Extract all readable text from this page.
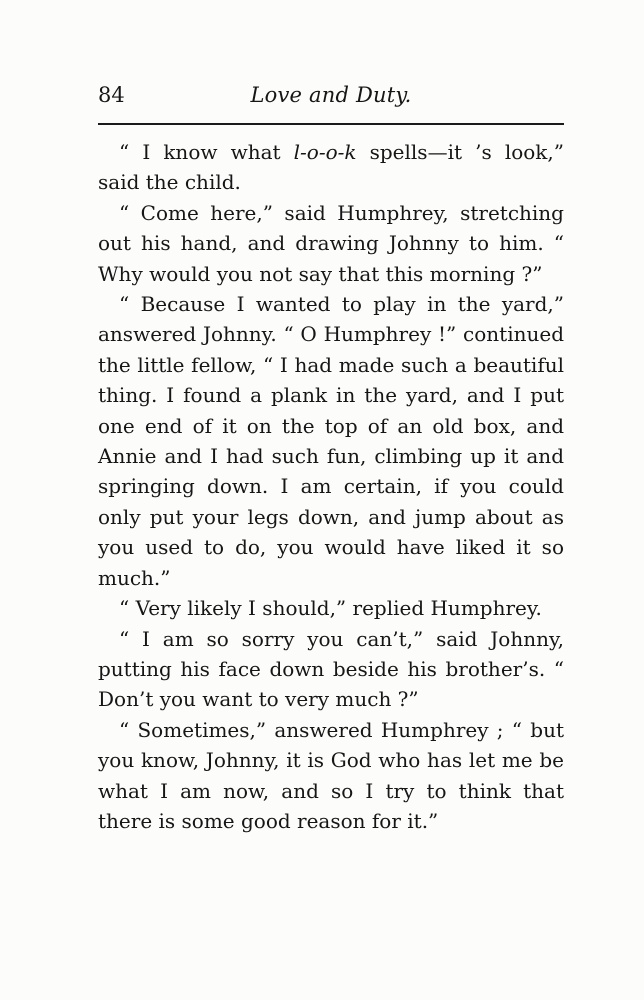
84	Love and Duty.

“ I know what l-o-o-k spells—it ’s look,” said the child.

“ Come here,” said Humphrey, stretching out his hand, and drawing Johnny to him. “ Why would you not say that this morning ?”

“ Because I wanted to play in the yard,” answered Johnny. “ O Humphrey !” continued the little fellow, “ I had made such a beautiful thing. I found a plank in the yard, and I put one end of it on the top of an old box, and Annie and I had such fun, climbing up it and springing down. I am certain, if you could only put your legs down, and jump about as you used to do, you would have liked it so much.”

“ Very likely I should,” replied Humphrey.

“ I am so sorry you can’t,” said Johnny, putting his face down beside his brother’s. “ Don’t you want to very much ?”

“ Sometimes,” answered Humphrey ; “ but you know, Johnny, it is God who has let me be what I am now, and so I try to think that there is some good reason for it.”
